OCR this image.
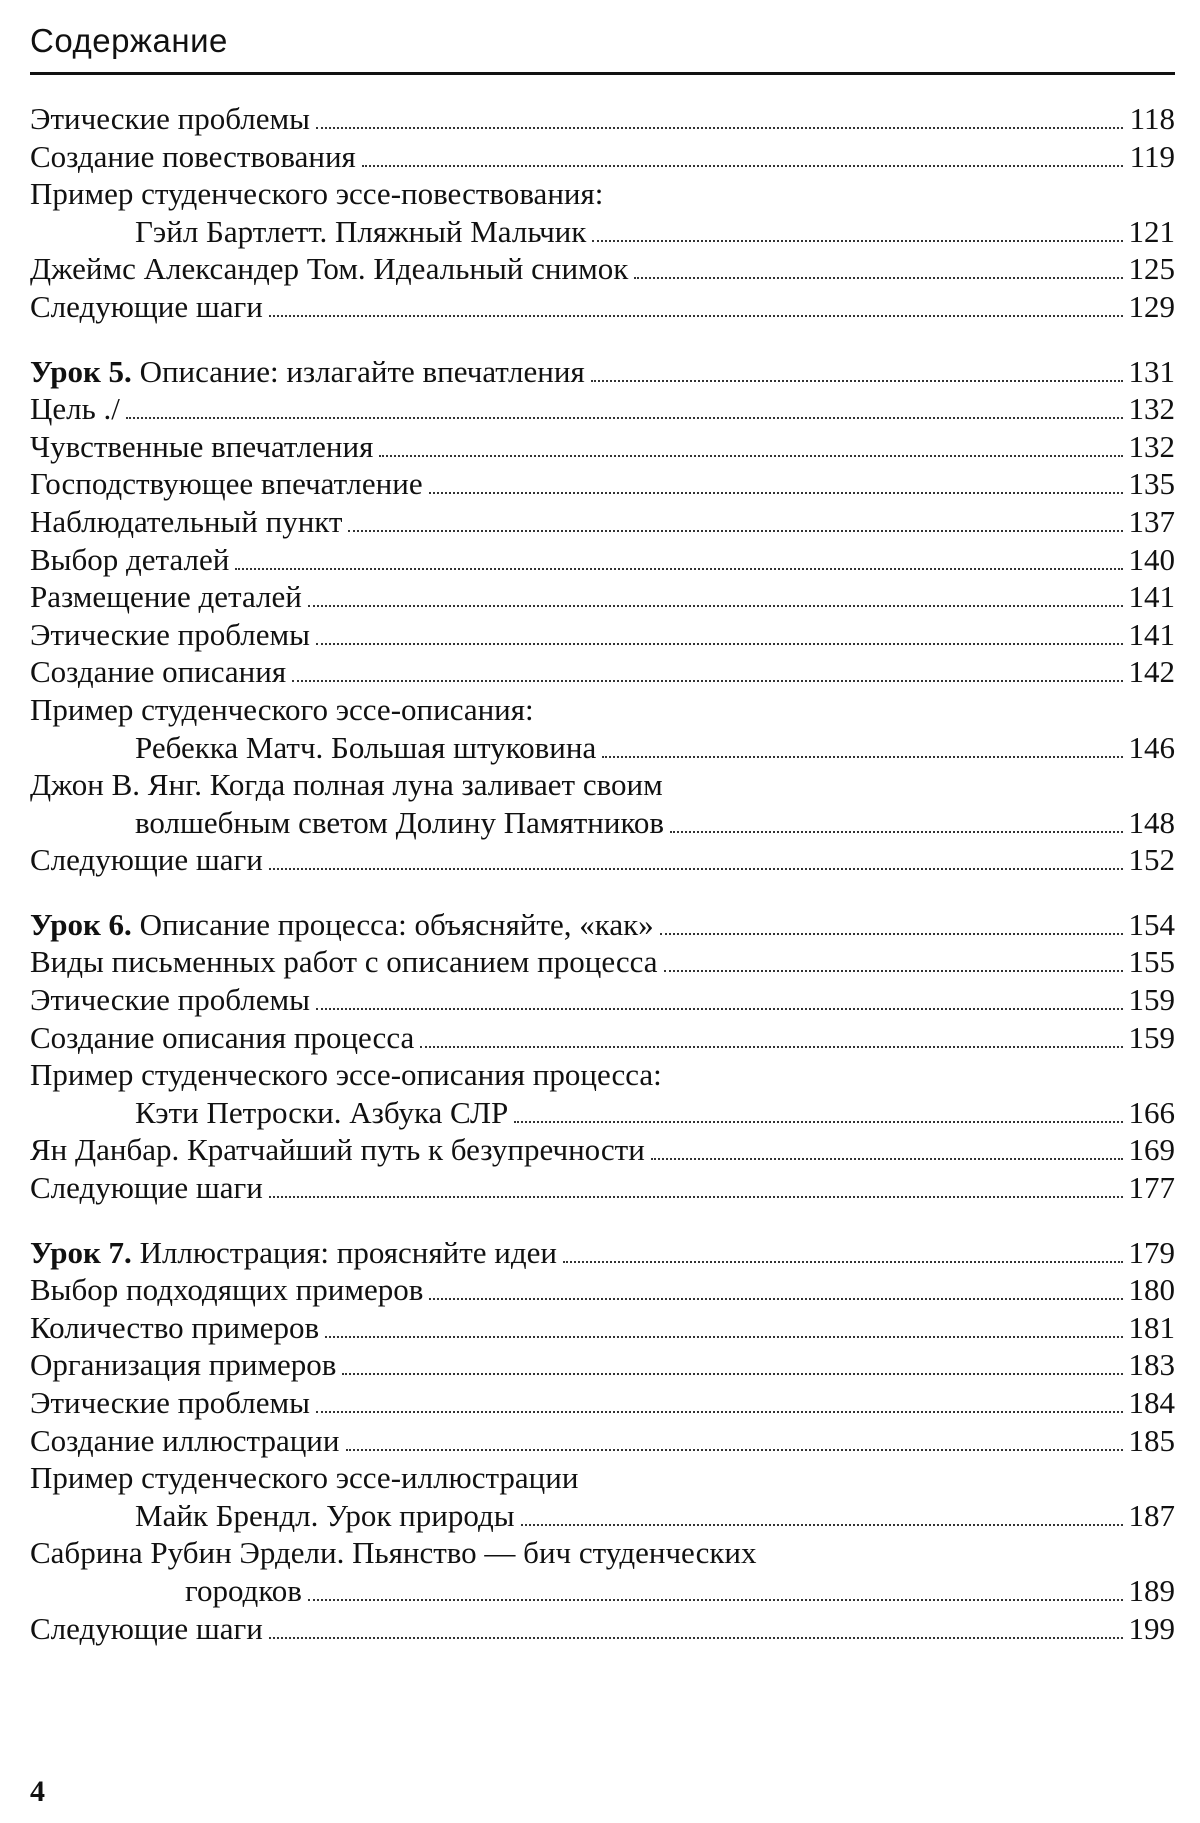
Содержание
Этические проблемы	118
Создание повествования	119
Пример студенческого эссе-повествования:
Гэйл Бартлетт. Пляжный Мальчик	121
Джеймс Александер Том. Идеальный снимок	125
Следующие шаги	129
Урок 5. Описание: излагайте впечатления	131
Цель ./	132
Чувственные впечатления	132
Господствующее впечатление	135
Наблюдательный пункт	137
Выбор деталей	140
Размещение деталей	141
Этические проблемы	141
Создание описания	142
Пример студенческого эссе-описания:
Ребекка Матч. Большая штуковина	146
Джон В. Янг. Когда полная луна заливает своим
волшебным светом Долину Памятников	148
Следующие шаги	152
Урок 6. Описание процесса: объясняйте, «как»	154
Виды письменных работ с описанием процесса	155
Этические проблемы	159
Создание описания процесса	159
Пример студенческого эссе-описания процесса:
Кэти Петроски. Азбука СЛР	166
Ян Данбар. Кратчайший путь к безупречности	169
Следующие шаги	177
Урок 7. Иллюстрация: проясняйте идеи	179
Выбор подходящих примеров	180
Количество примеров	181
Организация примеров	183
Этические проблемы	184
Создание иллюстрации	185
Пример студенческого эссе-иллюстрации
Майк Брендл. Урок природы	187
Сабрина Рубин Эрдели. Пьянство — бич студенческих
городков	189
Следующие шаги	199
4
